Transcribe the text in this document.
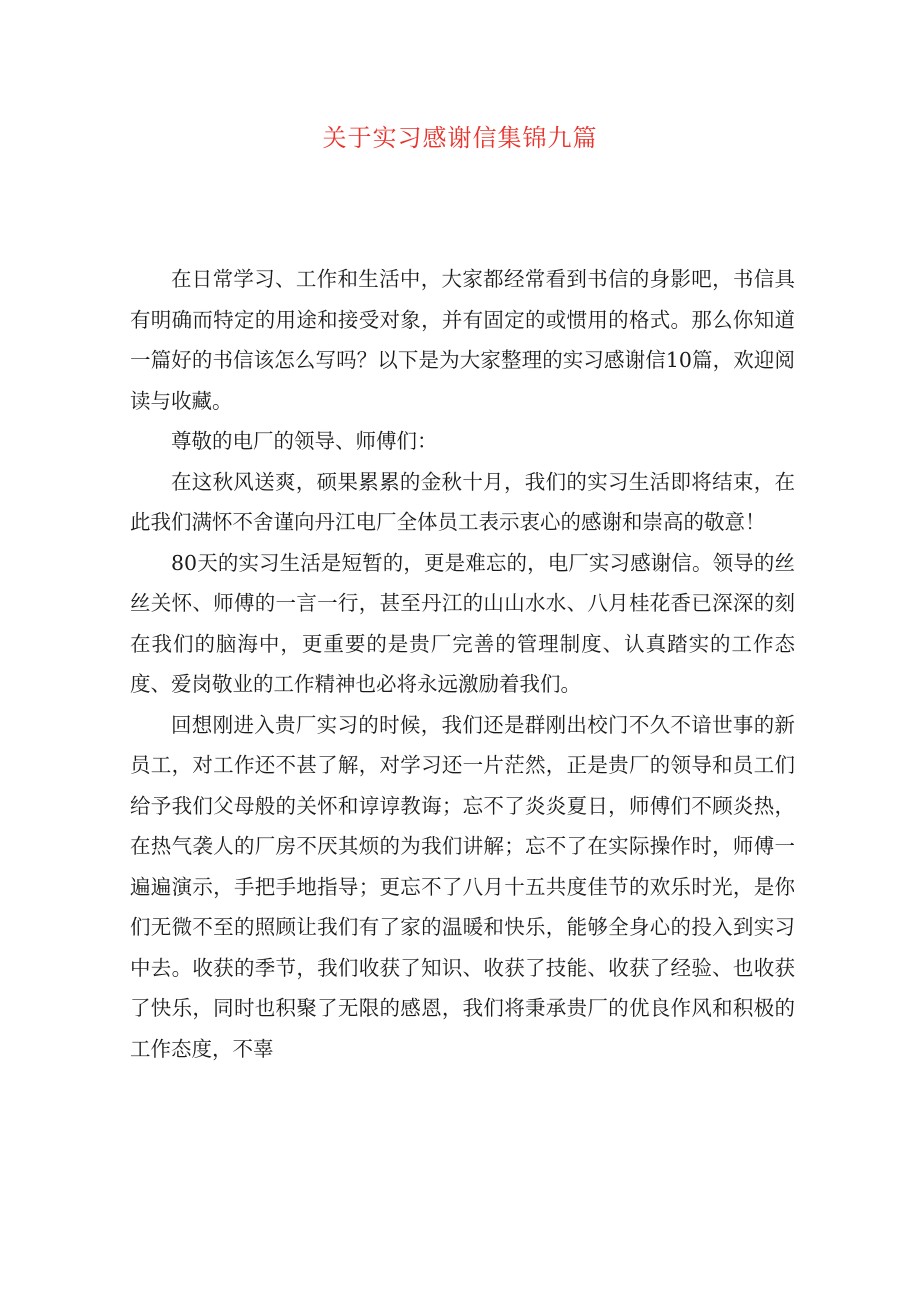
关于实习感谢信集锦九篇

在日常学习、工作和生活中，大家都经常看到书信的身影吧，书信具有明确而特定的用途和接受对象，并有固定的或惯用的格式。那么你知道一篇好的书信该怎么写吗？以下是为大家整理的实习感谢信10篇，欢迎阅读与收藏。

尊敬的电厂的领导、师傅们：

在这秋风送爽，硕果累累的金秋十月，我们的实习生活即将结束，在此我们满怀不舍谨向丹江电厂全体员工表示衷心的感谢和崇高的敬意！

80天的实习生活是短暂的，更是难忘的，电厂实习感谢信。领导的丝丝关怀、师傅的一言一行，甚至丹江的山山水水、八月桂花香已深深的刻在我们的脑海中，更重要的是贵厂完善的管理制度、认真踏实的工作态度、爱岗敬业的工作精神也必将永远激励着我们。

回想刚进入贵厂实习的时候，我们还是群刚出校门不久不谙世事的新员工，对工作还不甚了解，对学习还一片茫然，正是贵厂的领导和员工们给予我们父母般的关怀和谆谆教诲；忘不了炎炎夏日，师傅们不顾炎热，在热气袭人的厂房不厌其烦的为我们讲解；忘不了在实际操作时，师傅一遍遍演示，手把手地指导；更忘不了八月十五共度佳节的欢乐时光，是你们无微不至的照顾让我们有了家的温暖和快乐，能够全身心的投入到实习中去。收获的季节，我们收获了知识、收获了技能、收获了经验、也收获了快乐，同时也积聚了无限的感恩，我们将秉承贵厂的优良作风和积极的工作态度，不辜
